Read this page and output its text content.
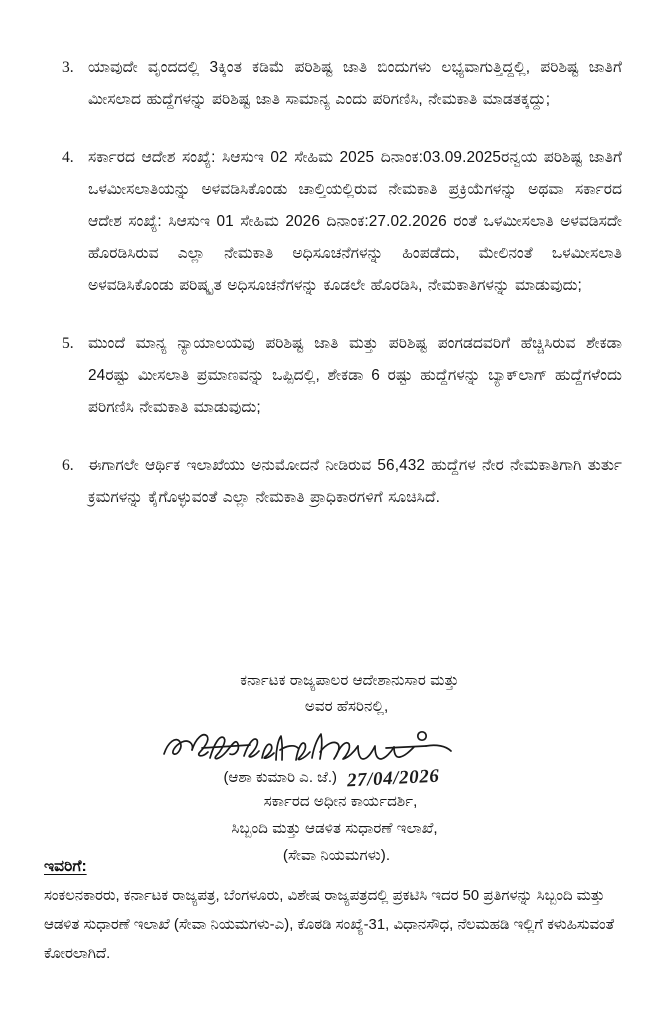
3. ಯಾವುದೇ ವೃಂದದಲ್ಲಿ 3ಕ್ಕಿಂತ ಕಡಿಮೆ ಪರಿಶಿಷ್ಟ ಜಾತಿ ಬಿಂದುಗಳು ಲಭ್ಯವಾಗುತ್ತಿದ್ದಲ್ಲಿ, ಪರಿಶಿಷ್ಟ ಜಾತಿಗೆ ಮೀಸಲಾದ ಹುದ್ದೆಗಳನ್ನು ಪರಿಶಿಷ್ಟ ಜಾತಿ ಸಾಮಾನ್ಯ ಎಂದು ಪರಿಗಣಿಸಿ, ನೇಮಕಾತಿ ಮಾಡತಕ್ಕದ್ದು;
4. ಸರ್ಕಾರದ ಆದೇಶ ಸಂಖ್ಯೆ: ಸಿಆಸುಇ 02 ಸೇಹಿಮ 2025 ದಿನಾಂಕ:03.09.2025ರನ್ವಯ ಪರಿಶಿಷ್ಟ ಜಾತಿಗೆ ಒಳಮೀಸಲಾತಿಯನ್ನು ಅಳವಡಿಸಿಕೊಂಡು ಚಾಲ್ತಿಯಲ್ಲಿರುವ ನೇಮಕಾತಿ ಪ್ರಕ್ರಿಯೆಗಳನ್ನು ಅಥವಾ ಸರ್ಕಾರದ ಆದೇಶ ಸಂಖ್ಯೆ: ಸಿಆಸುಇ 01 ಸೇಹಿಮ 2026 ದಿನಾಂಕ:27.02.2026 ರಂತೆ ಒಳಮೀಸಲಾತಿ ಅಳವಡಿಸದೇ ಹೊರಡಿಸಿರುವ ಎಲ್ಲಾ ನೇಮಕಾತಿ ಅಧಿಸೂಚನೆಗಳನ್ನು ಹಿಂಪಡೆದು, ಮೇಲಿನಂತೆ ಒಳಮೀಸಲಾತಿ ಅಳವಡಿಸಿಕೊಂಡು ಪರಿಷ್ಕೃತ ಅಧಿಸೂಚನೆಗಳನ್ನು ಕೂಡಲೇ ಹೊರಡಿಸಿ, ನೇಮಕಾತಿಗಳನ್ನು ಮಾಡುವುದು;
5. ಮುಂದೆ ಮಾನ್ಯ ನ್ಯಾಯಾಲಯವು ಪರಿಶಿಷ್ಟ ಜಾತಿ ಮತ್ತು ಪರಿಶಿಷ್ಟ ಪಂಗಡದವರಿಗೆ ಹೆಚ್ಚಿಸಿರುವ ಶೇಕಡಾ 24ರಷ್ಟು ಮೀಸಲಾತಿ ಪ್ರಮಾಣವನ್ನು ಒಪ್ಪಿದಲ್ಲಿ, ಶೇಕಡಾ 6 ರಷ್ಟು ಹುದ್ದೆಗಳನ್ನು ಬ್ಯಾಕ್‌ಲಾಗ್ ಹುದ್ದೆಗಳೆಂದು ಪರಿಗಣಿಸಿ ನೇಮಕಾತಿ ಮಾಡುವುದು;
6. ಈಗಾಗಲೇ ಆರ್ಥಿಕ ಇಲಾಖೆಯು ಅನುಮೋದನೆ ನೀಡಿರುವ 56,432 ಹುದ್ದೆಗಳ ನೇರ ನೇಮಕಾತಿಗಾಗಿ ತುರ್ತು ಕ್ರಮಗಳನ್ನು ಕೈಗೊಳ್ಳುವಂತೆ ಎಲ್ಲಾ ನೇಮಕಾತಿ ಪ್ರಾಧಿಕಾರಗಳಿಗೆ ಸೂಚಿಸಿದೆ.
ಕರ್ನಾಟಕ ರಾಜ್ಯಪಾಲರ ಆದೇಶಾನುಸಾರ ಮತ್ತು
ಅವರ ಹೆಸರಿನಲ್ಲಿ,
(ಆಶಾ ಕುಮಾರಿ ಎ. ಜೆ.) 27/04/2026
ಸರ್ಕಾರದ ಅಧೀನ ಕಾರ್ಯದರ್ಶಿ,
ಸಿಬ್ಬಂದಿ ಮತ್ತು ಆಡಳಿತ ಸುಧಾರಣೆ ಇಲಾಖೆ,
(ಸೇವಾ ನಿಯಮಗಳು).
ಇವರಿಗೆ:
ಸಂಕಲನಕಾರರು, ಕರ್ನಾಟಕ ರಾಜ್ಯಪತ್ರ, ಬೆಂಗಳೂರು, ವಿಶೇಷ ರಾಜ್ಯಪತ್ರದಲ್ಲಿ ಪ್ರಕಟಿಸಿ ಇದರ 50 ಪ್ರತಿಗಳನ್ನು ಸಿಬ್ಬಂದಿ ಮತ್ತು ಆಡಳಿತ ಸುಧಾರಣೆ ಇಲಾಖೆ (ಸೇವಾ ನಿಯಮಗಳು-ಎ), ಕೊಠಡಿ ಸಂಖ್ಯೆ-31, ವಿಧಾನಸೌಧ, ನೆಲಮಹಡಿ ಇಲ್ಲಿಗೆ ಕಳುಹಿಸುವಂತೆ ಕೋರಲಾಗಿದೆ.
